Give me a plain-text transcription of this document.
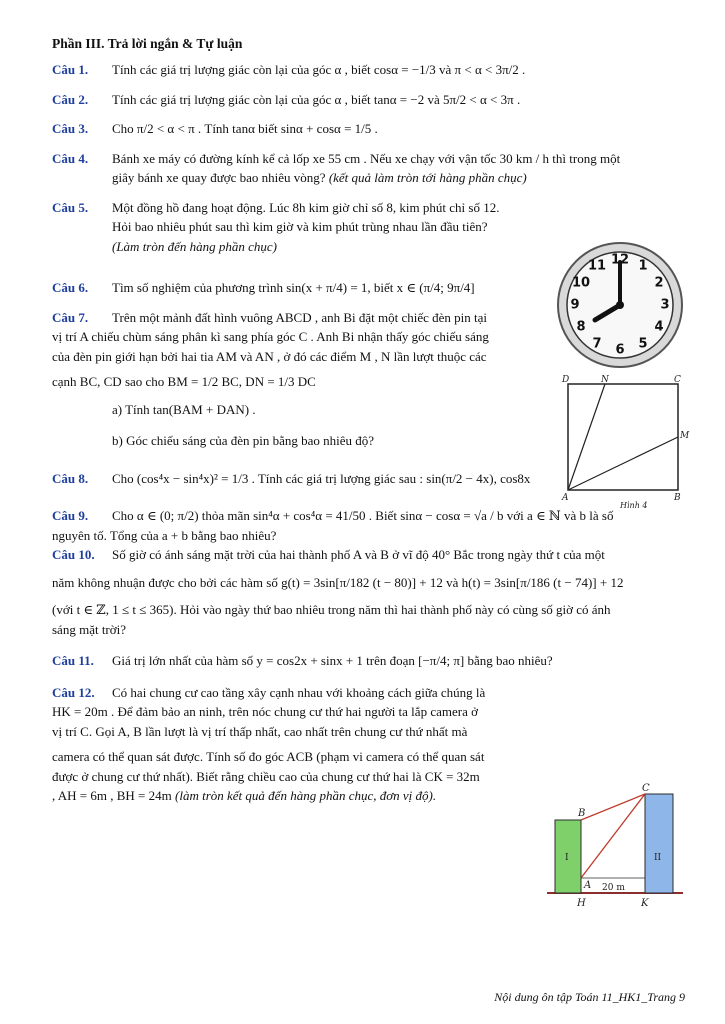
Phần III. Trả lời ngắn & Tự luận

Câu 1. Tính các giá trị lượng giác còn lại của góc α , biết cosα = −1/3 và π < α < 3π/2 .

Câu 2. Tính các giá trị lượng giác còn lại của góc α , biết tanα = −2 và 5π/2 < α < 3π .

Câu 3. Cho π/2 < α < π . Tính tanα biết sinα + cosα = 1/5 .

Câu 4. Bánh xe máy có đường kính kể cả lốp xe 55 cm . Nếu xe chạy với vận tốc 30 km / h thì trong một

giây bánh xe quay được bao nhiêu vòng? (kết quả làm tròn tới hàng phần chục)

Câu 5. Một đồng hồ đang hoạt động. Lúc 8h kim giờ chỉ số 8, kim phút chỉ số 12.

Hỏi bao nhiêu phút sau thì kim giờ và kim phút trùng nhau lần đầu tiên?

(Làm tròn đến hàng phần chục)

Câu 6. Tìm số nghiệm của phương trình sin(x + π/4) = 1, biết x ∈ (π/4; 9π/4]

Câu 7. Trên một mảnh đất hình vuông ABCD , anh Bi đặt một chiếc đèn pin tại

vị trí A chiếu chùm sáng phân kì sang phía góc C . Anh Bi nhận thấy góc chiếu sáng

của đèn pin giới hạn bởi hai tia AM và AN , ở đó các điểm M , N lần lượt thuộc các

cạnh BC, CD sao cho BM = 1/2 BC, DN = 1/3 DC

a) Tính tan(BAM + DAN) .

b) Góc chiếu sáng của đèn pin bằng bao nhiêu độ?

Câu 8. Cho (cos⁴x − sin⁴x)² = 1/3 . Tính các giá trị lượng giác sau : sin(π/2 − 4x), cos8x

Câu 9. Cho α ∈ (0; π/2) thỏa mãn sin⁴α + cos⁴α = 41/50 . Biết sinα − cosα = √a / b với a ∈ ℕ và b là số

nguyên tố. Tổng của a + b bằng bao nhiêu?

Câu 10. Số giờ có ánh sáng mặt trời của hai thành phố A và B ở vĩ độ 40° Bắc trong ngày thứ t của một

năm không nhuận được cho bởi các hàm số g(t) = 3sin[π/182 (t − 80)] + 12 và h(t) = 3sin[π/186 (t − 74)] + 12

(với t ∈ ℤ, 1 ≤ t ≤ 365). Hỏi vào ngày thứ bao nhiêu trong năm thì hai thành phố này có cùng số giờ có ánh

sáng mặt trời?

Câu 11. Giá trị lớn nhất của hàm số y = cos2x + sinx + 1 trên đoạn [−π/4; π] bằng bao nhiêu?

Câu 12. Có hai chung cư cao tầng xây cạnh nhau với khoảng cách giữa chúng là

HK = 20m . Để đảm bảo an ninh, trên nóc chung cư thứ hai người ta lắp camera ở

vị trí C. Gọi A, B lần lượt là vị trí thấp nhất, cao nhất trên chung cư thứ nhất mà

camera có thể quan sát được. Tính số đo góc ACB (phạm vi camera có thể quan sát

được ở chung cư thứ nhất). Biết rằng chiều cao của chung cư thứ hai là CK = 32m

, AH = 6m , BH = 24m (làm tròn kết quả đến hàng phần chục, đơn vị độ).

12 1
2
3
4
5
6
7
8
9
10
11
D	N	C
M
A	B
Hình 4
B
C
A
H	K
I	II
20 m
Nội dung ôn tập Toán 11_HK1_Trang 9
